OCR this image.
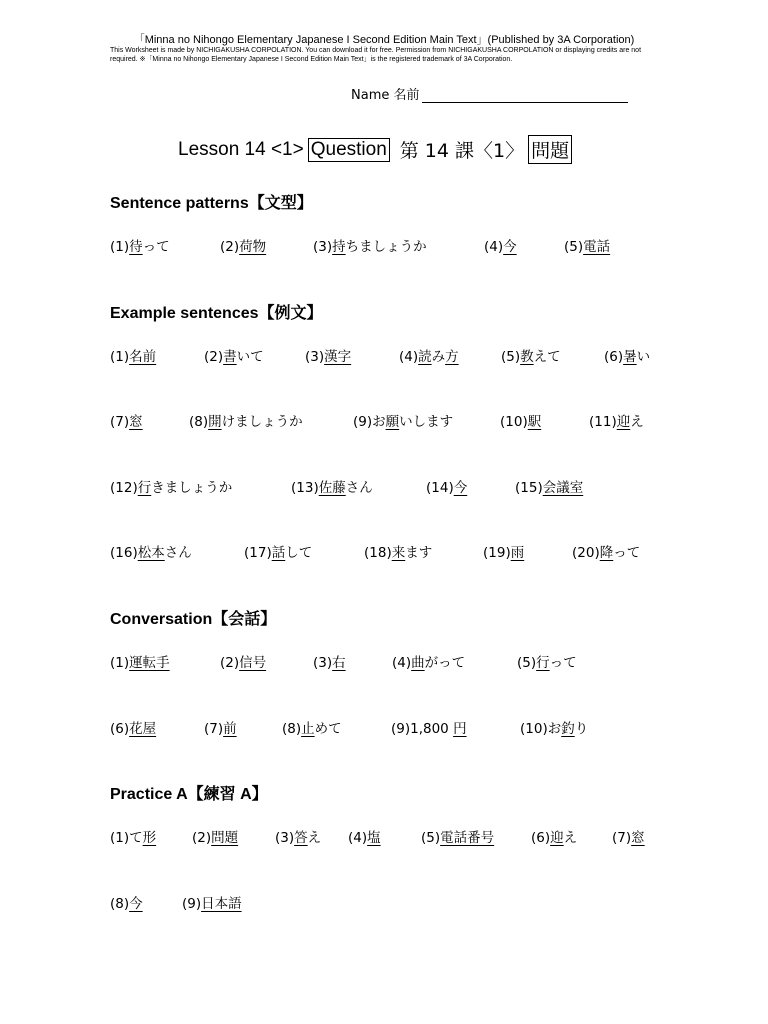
「Minna no Nihongo Elementary Japanese I Second Edition Main Text」(Published by 3A Corporation)
This Worksheet is made by NICHIGAKUSHA CORPOLATION. You can download it for free. Permission from NICHIGAKUSHA CORPOLATION or displaying credits are not required. ※「Minna no Nihongo Elementary Japanese I Second Edition Main Text」is the registered trademark of 3A Corporation.
Name 名前
Lesson 14 <1> Question 第 14 課〈1〉 問題
Sentence patterns【文型】
(1)待って	(2)荷物	(3)持ちましょうか	(4)今	(5)電話
Example sentences【例文】
(1)名前	(2)書いて	(3)漢字	(4)読み方	(5)教えて	(6)暑い
(7)窓	(8)開けましょうか	(9)お願いします	(10)駅	(11)迎え
(12)行きましょうか	(13)佐藤さん	(14)今	(15)会議室
(16)松本さん	(17)話して	(18)来ます	(19)雨	(20)降って
Conversation【会話】
(1)運転手	(2)信号	(3)右	(4)曲がって	(5)行って
(6)花屋	(7)前	(8)止めて	(9)1,800 円	(10)お釣り
Practice A【練習 A】
(1)て形	(2)問題	(3)答え (4)塩	(5)電話番号	(6)迎え	(7)窓
(8)今	(9)日本語
